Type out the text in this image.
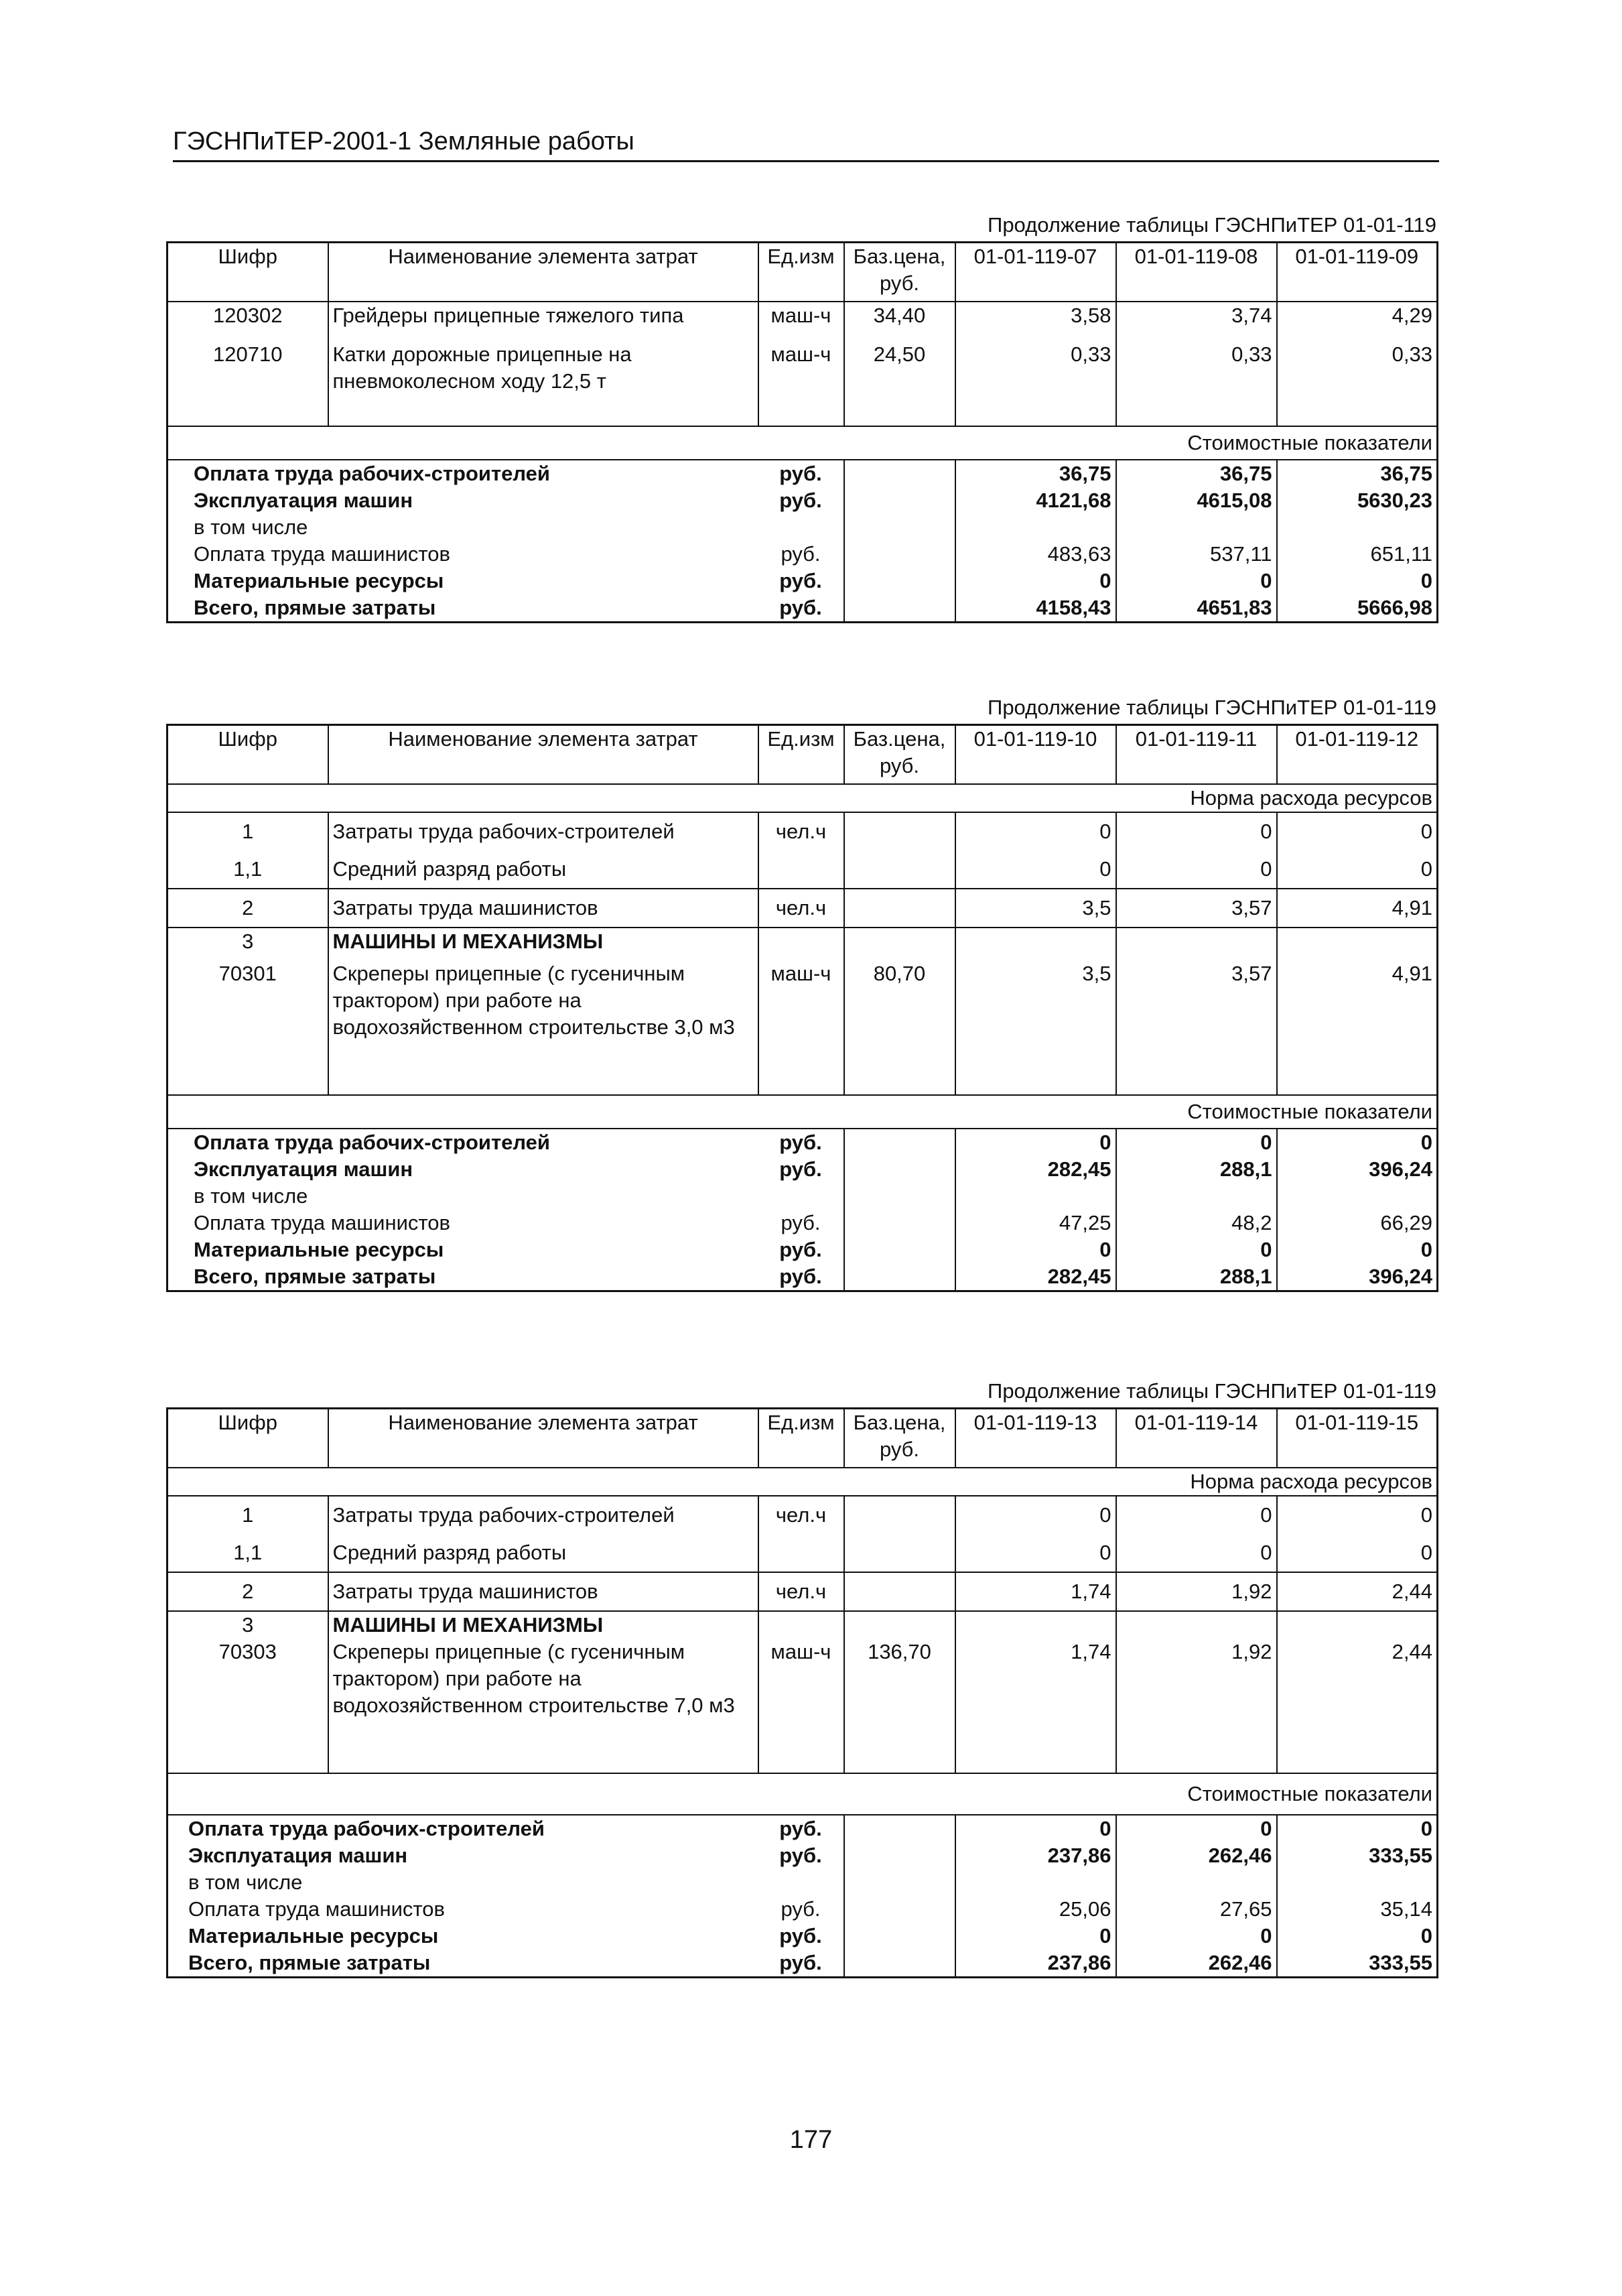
ГЭСНПиТЕР-2001-1 Земляные работы
Продолжение таблицы ГЭСНПиТЕР 01-01-119
Шифр	Наименование элемента затрат	Ед.изм	Баз.цена, руб.	01-01-119-07	01-01-119-08	01-01-119-09
120302	Грейдеры прицепные тяжелого типа	маш-ч	34,40	3,58	3,74	4,29
120710	Катки дорожные прицепные на пневмоколесном ходу 12,5 т	маш-ч	24,50	0,33	0,33	0,33
Стоимостные показатели						
Оплата труда рабочих-строителей		руб.		36,75	36,75	36,75
Эксплуатация машин		руб.		4121,68	4615,08	5630,23
в том числе						
Оплата труда машинистов		руб.		483,63	537,11	651,11
Материальные ресурсы		руб.		0	0	0
Всего, прямые затраты		руб.		4158,43	4651,83	5666,98
Продолжение таблицы ГЭСНПиТЕР 01-01-119
Шифр	Наименование элемента затрат	Ед.изм	Баз.цена, руб.	01-01-119-10	01-01-119-11	01-01-119-12
Норма расхода ресурсов						
1	Затраты труда рабочих-строителей	чел.ч		0	0	0
1,1	Средний разряд работы			0	0	0
2	Затраты труда машинистов	чел.ч		3,5	3,57	4,91
3	МАШИНЫ И МЕХАНИЗМЫ					
70301	Скреперы прицепные (с гусеничным трактором) при работе на водохозяйственном строительстве 3,0 м3	маш-ч	80,70	3,5	3,57	4,91
Стоимостные показатели						
Оплата труда рабочих-строителей		руб.		0	0	0
Эксплуатация машин		руб.		282,45	288,1	396,24
в том числе						
Оплата труда машинистов		руб.		47,25	48,2	66,29
Материальные ресурсы		руб.		0	0	0
Всего, прямые затраты		руб.		282,45	288,1	396,24
Продолжение таблицы ГЭСНПиТЕР 01-01-119
Шифр	Наименование элемента затрат	Ед.изм	Баз.цена, руб.	01-01-119-13	01-01-119-14	01-01-119-15
Норма расхода ресурсов						
1	Затраты труда рабочих-строителей	чел.ч		0	0	0
1,1	Средний разряд работы			0	0	0
2	Затраты труда машинистов	чел.ч		1,74	1,92	2,44
3	МАШИНЫ И МЕХАНИЗМЫ					
70303	Скреперы прицепные (с гусеничным трактором) при работе на водохозяйственном строительстве 7,0 м3	маш-ч	136,70	1,74	1,92	2,44
Стоимостные показатели						
Оплата труда рабочих-строителей		руб.		0	0	0
Эксплуатация машин		руб.		237,86	262,46	333,55
в том числе						
Оплата труда машинистов		руб.		25,06	27,65	35,14
Материальные ресурсы		руб.		0	0	0
Всего, прямые затраты		руб.		237,86	262,46	333,55
177
